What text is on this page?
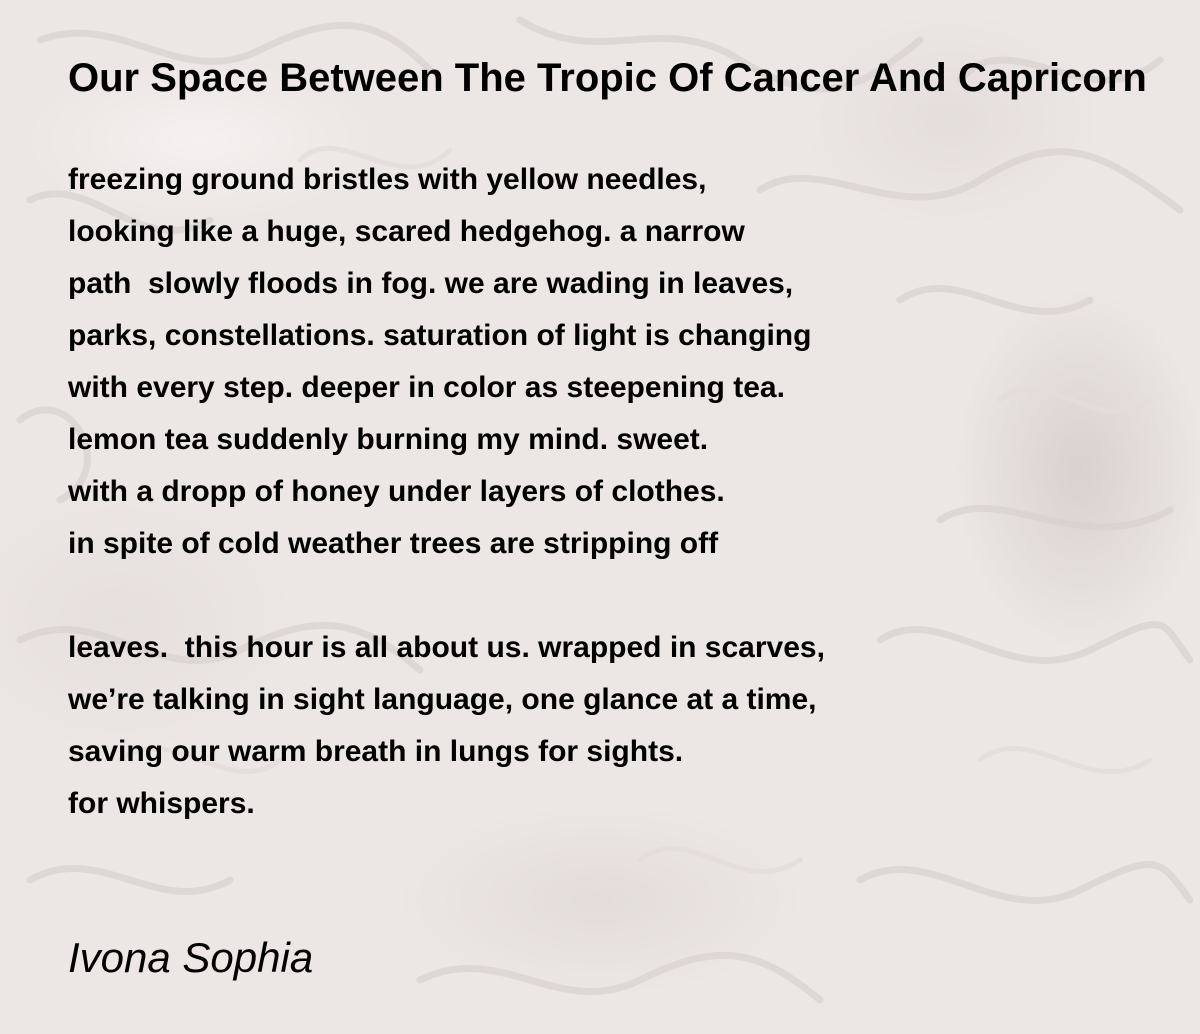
Our Space Between The Tropic Of Cancer And Capricorn

freezing ground bristles with yellow needles,
looking like a huge, scared hedgehog. a narrow
path  slowly floods in fog. we are wading in leaves,
parks, constellations. saturation of light is changing
with every step. deeper in color as steepening tea.
lemon tea suddenly burning my mind. sweet.
with a dropp of honey under layers of clothes.
in spite of cold weather trees are stripping off

leaves.  this hour is all about us. wrapped in scarves,
we’re talking in sight language, one glance at a time,
saving our warm breath in lungs for sights.
for whispers.

Ivona Sophia
